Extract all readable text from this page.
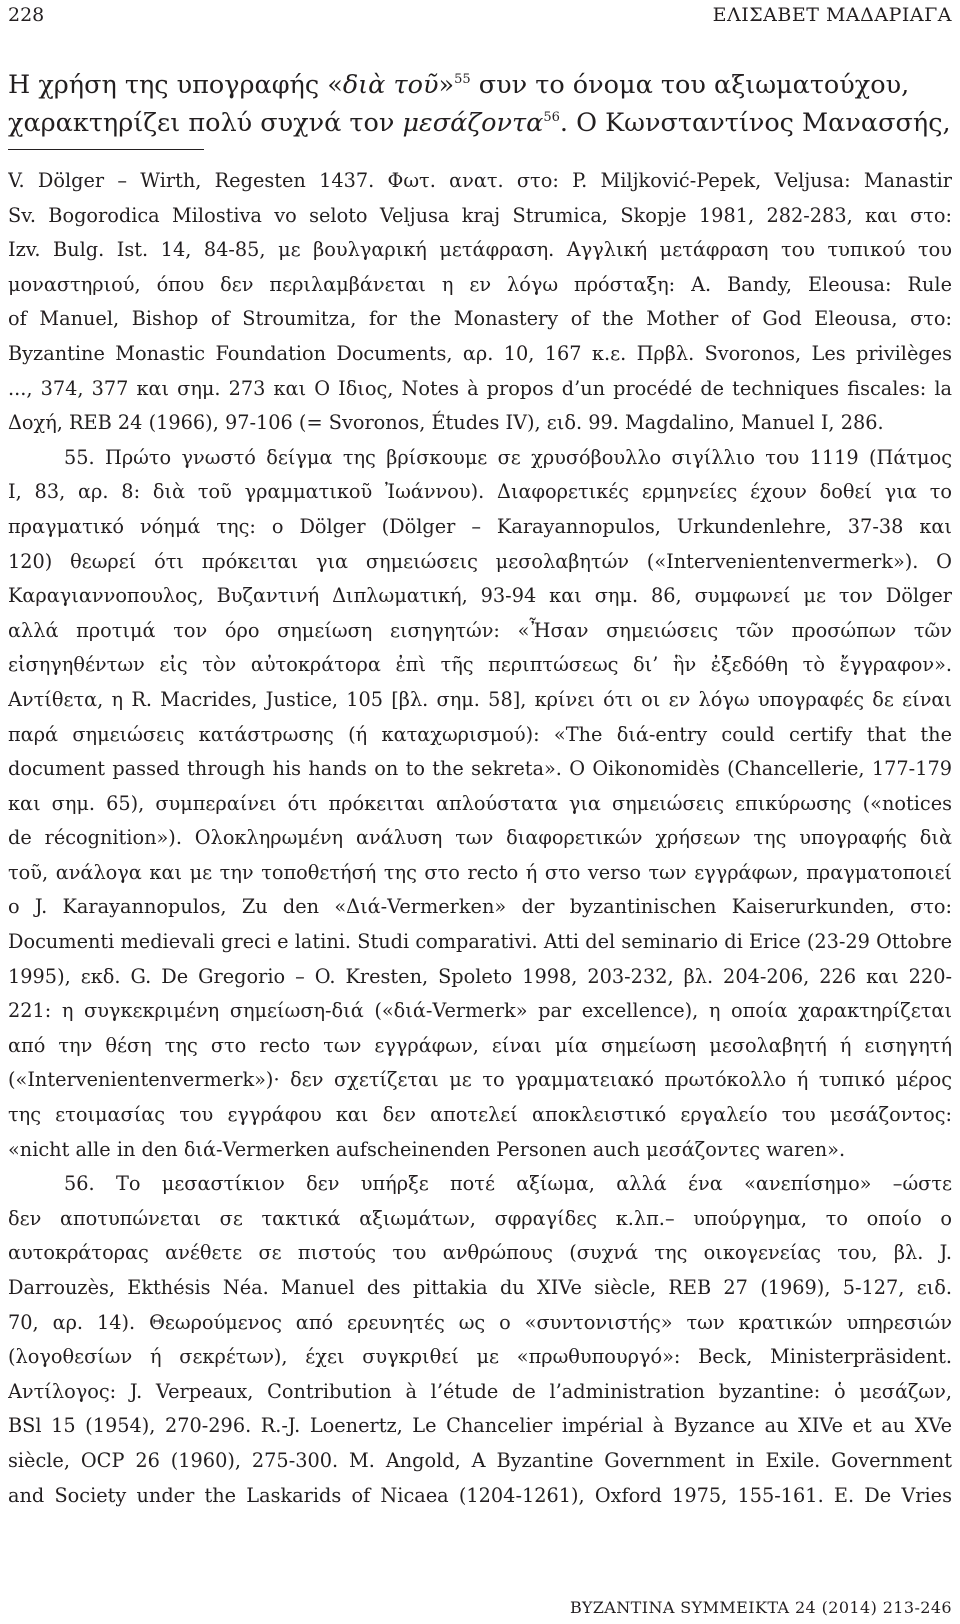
228	ΕΛΙΣΑΒΕΤ ΜΑΔΑΡΙΑΓΑ
Η χρήση της υπογραφής «διὰ τοῦ»$^{55}$ συν το όνομα του αξιωματούχου,
χαρακτηρίζει πολύ συχνά τον μεσάζοντα$^{56}$. Ο Κωνσταντίνος Μανασσής,
V. Dölger – Wirth, Regesten 1437. Φωτ. ανατ. στο: P. Miljković-Pepek, Veljusa: Manastir
Sv. Bogorodica Milostiva vo seloto Veljusa kraj Strumica, Skopje 1981, 282-283, και στο:
Izv. Bulg. Ist. 14, 84-85, με βουλγαρική μετάφραση. Αγγλική μετάφραση του τυπικού του
μοναστηριού, όπου δεν περιλαμβάνεται η εν λόγω πρόσταξη: A. Bandy, Eleousa: Rule
of Manuel, Bishop of Stroumitza, for the Monastery of the Mother of God Eleousa, στο:
Byzantine Monastic Foundation Documents, αρ. 10, 167 κ.ε. Πρβλ. Svoronos, Les privilèges
..., 374, 377 και σημ. 273 και Ο Ιδιος, Notes à propos d’un procédé de techniques fiscales: la
Δοχή, REB 24 (1966), 97-106 (= Svoronos, Études IV), ειδ. 99. Magdalino, Manuel I, 286.
55. Πρώτο γνωστό δείγμα της βρίσκουμε σε χρυσόβουλλο σιγίλλιο του 1119 (Πάτμος
I, 83, αρ. 8: διὰ τοῦ γραμματικοῦ Ἰωάννου). Διαφορετικές ερμηνείες έχουν δοθεί για το
πραγματικό νόημά της: ο Dölger (Dölger – Karayannopulos, Urkundenlehre, 37-38 και
120) θεωρεί ότι πρόκειται για σημειώσεις μεσολαβητών («Intervenientenvermerk»). Ο
Καραγιαννοπουλος, Βυζαντινή Διπλωματική, 93-94 και σημ. 86, συμφωνεί με τον Dölger
αλλά προτιμά τον όρο σημείωση εισηγητών: «Ἦσαν σημειώσεις τῶν προσώπων τῶν
εἰσηγηθέντων εἰς τὸν αὐτοκράτορα ἐπὶ τῆς περιπτώσεως δι’ ἣν ἐξεδόθη τὸ ἔγγραφον».
Αντίθετα, η R. Macrides, Justice, 105 [βλ. σημ. 58], κρίνει ότι οι εν λόγω υπογραφές δε είναι
παρά σημειώσεις κατάστρωσης (ή καταχωρισμού): «The διά-entry could certify that the
document passed through his hands on to the sekreta». Ο Oikonomidès (Chancellerie, 177-179
και σημ. 65), συμπεραίνει ότι πρόκειται απλούστατα για σημειώσεις επικύρωσης («notices
de récognition»). Ολοκληρωμένη ανάλυση των διαφορετικών χρήσεων της υπογραφής διὰ
τοῦ, ανάλογα και με την τοποθετήσή της στο recto ή στο verso των εγγράφων, πραγματοποιεί
ο J. Karayannopulos, Zu den «Διά-Vermerken» der byzantinischen Kaiserurkunden, στο:
Documenti medievali greci e latini. Studi comparativi. Atti del seminario di Erice (23-29 Ottobre
1995), εκδ. G. De Gregorio – O. Kresten, Spoleto 1998, 203-232, βλ. 204-206, 226 και 220-
221: η συγκεκριμένη σημείωση-διά («διά-Vermerk» par excellence), η οποία χαρακτηρίζεται
από την θέση της στο recto των εγγράφων, είναι μία σημείωση μεσολαβητή ή εισηγητή
(«Intervenientenvermerk»)· δεν σχετίζεται με το γραμματειακό πρωτόκολλο ή τυπικό μέρος
της ετοιμασίας του εγγράφου και δεν αποτελεί αποκλειστικό εργαλείο του μεσάζοντος:
«nicht alle in den διά-Vermerken aufscheinenden Personen auch μεσάζοντες waren».
56. Το μεσαστίκιον δεν υπήρξε ποτέ αξίωμα, αλλά ένα «ανεπίσημο» –ώστε
δεν αποτυπώνεται σε τακτικά αξιωμάτων, σφραγίδες κ.λπ.– υπούργημα, το οποίο ο
αυτοκράτορας ανέθετε σε πιστούς του ανθρώπους (συχνά της οικογενείας του, βλ. J.
Darrouzès, Ekthésis Néa. Manuel des pittakia du XIVe siècle, REB 27 (1969), 5-127, ειδ.
70, αρ. 14). Θεωρούμενος από ερευνητές ως ο «συντονιστής» των κρατικών υπηρεσιών
(λογοθεσίων ή σεκρέτων), έχει συγκριθεί με «πρωθυπουργό»: Beck, Ministerpräsident.
Αντίλογος: J. Verpeaux, Contribution à l’étude de l’administration byzantine: ὁ μεσάζων,
BSl 15 (1954), 270-296. R.-J. Loenertz, Le Chancelier impérial à Byzance au XIVe et au XVe
siècle, OCP 26 (1960), 275-300. M. Angold, A Byzantine Government in Exile. Government
and Society under the Laskarids of Nicaea (1204-1261), Oxford 1975, 155-161. E. De Vries
BYZANTINA SYMMEIKTA 24 (2014) 213-246
